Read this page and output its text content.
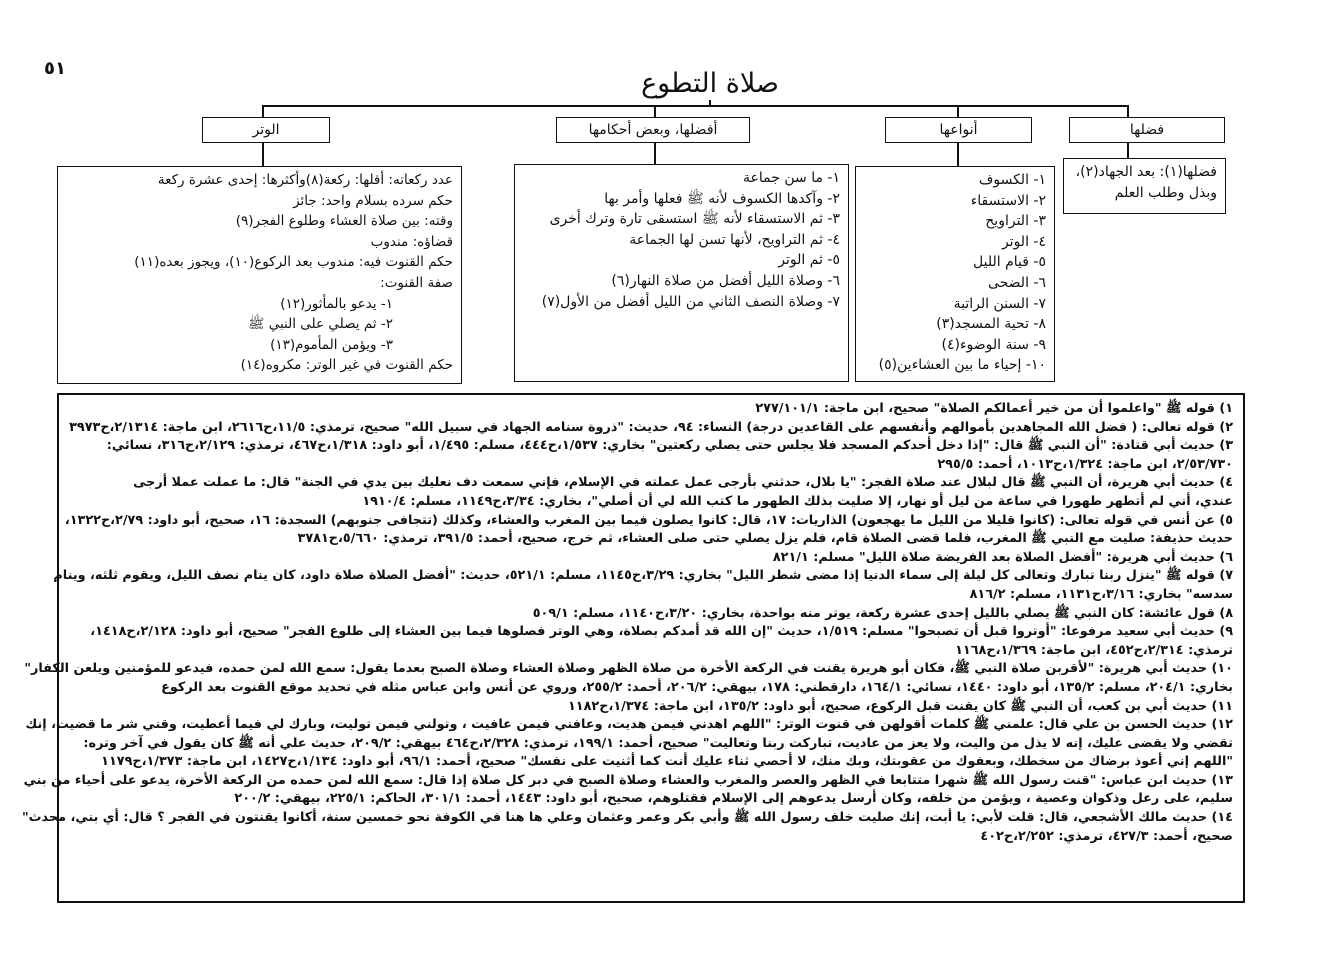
٥١	صلاة التطوع
الوتر	أفضلها، وبعض أحكامها	أنواعها	فضلها
فضلها(١): بعد الجهاد(٢)،
وبذل وطلب العلم
١- الكسوف
٢- الاستسقاء
٣- التراويح
٤- الوتر
٥- قيام الليل
٦- الضحى
٧- السنن الراتبة
٨- تحية المسجد(٣)
٩- سنة الوضوء(٤)
١٠- إحياء ما بين العشاءين(٥)
١- ما سن جماعة
٢- وآكدها الكسوف لأنه ﷺ فعلها وأمر بها
٣- ثم الاستسقاء لأنه ﷺ استسقى تارة وترك أخرى
٤- ثم التراويح، لأنها تسن لها الجماعة
٥- ثم الوتر
٦- وصلاة الليل أفضل من صلاة النهار(٦)
٧- وصلاة النصف الثاني من الليل أفضل من الأول(٧)
عدد ركعاته: أقلها: ركعة(٨)وأكثرها: إحدى عشرة ركعة
حكم سرده بسلام واحد: جائز
وقته: بين صلاة العشاء وطلوع الفجر(٩)
قضاؤه: مندوب
حكم القنوت فيه: مندوب بعد الركوع(١٠)، ويجوز بعده(١١)
صفة القنوت:
١- يدعو بالمأثور(١٢)
٢- ثم يصلي على النبي ﷺ
٣- ويؤمن المأموم(١٣)
حكم القنوت في غير الوتر: مكروه(١٤)
١) قوله ﷺ "واعلموا أن من خير أعمالكم الصلاة" صحيح، ابن ماجة: ٢٧٧/١٠١/١
٢) قوله تعالى: ( فضل الله المجاهدين بأموالهم وأنفسهم على القاعدين درجة) النساء: ٩٤، حديث: "ذروة سنامه الجهاد في سبيل الله" صحيح، ترمذي: ١١/٥،ح٢٦١٦، ابن ماجة: ٢/١٣١٤،ح٣٩٧٣
٣) حديث أبي قتادة: "أن النبي ﷺ قال: "إذا دخل أحدكم المسجد فلا يجلس حتى يصلي ركعتين" بخاري: ١/٥٣٧،ح٤٤٤، مسلم: ١/٤٩٥، أبو داود: ١/٣١٨،ح٤٦٧، ترمذي: ٢/١٢٩،ح٣١٦، نسائي:
٢/٥٣/٧٣٠، ابن ماجة: ١/٣٢٤،ح١٠١٣، أحمد: ٢٩٥/٥
٤) حديث أبي هريرة، أن النبي ﷺ قال لبلال عند صلاة الفجر: "يا بلال، حدثني بأرجى عمل عملته في الإسلام، فإني سمعت دف نعليك بين يدي في الجنة" قال: ما عملت عملا أرجى
عندي، أني لم أتطهر طهورا في ساعة من ليل أو نهار، إلا صليت بذلك الطهور ما كتب الله لي أن أصلي"، بخاري: ٣/٣٤،ح١١٤٩، مسلم: ١٩١٠/٤
٥) عن أنس في قوله تعالى: (كانوا قليلا من الليل ما يهجعون) الذاريات: ١٧، قال: كانوا يصلون فيما بين المغرب والعشاء، وكذلك (تتجافى جنوبهم) السجدة: ١٦، صحيح، أبو داود: ٢/٧٩،ح١٣٢٢،
حديث حذيفة: صليت مع النبي ﷺ المغرب، فلما قضى الصلاة قام، فلم يزل يصلي حتى صلى العشاء، ثم خرج، صحيح، أحمد: ٣٩١/٥، ترمذي: ٥/٦٦٠،ح٣٧٨١
٦) حديث أبي هريرة: "أفضل الصلاة بعد الفريضة صلاة الليل" مسلم: ٨٢١/١
٧) قوله ﷺ "ينزل ربنا تبارك وتعالى كل ليلة إلى سماء الدنيا إذا مضى شطر الليل" بخاري: ٣/٢٩،ح١١٤٥، مسلم: ٥٢١/١، حديث: "أفضل الصلاة صلاة داود، كان ينام نصف الليل، ويقوم ثلثه، وينام
سدسه" بخاري: ٣/١٦،ح١١٣١، مسلم: ٨١٦/٢
٨) قول عائشة: كان النبي ﷺ يصلي بالليل إحدى عشرة ركعة، يوتر منه بواحدة، بخاري: ٣/٢٠،ح١١٤٠، مسلم: ٥٠٩/١
٩) حديث أبي سعيد مرفوعا: "أوتروا قبل أن تصبحوا" مسلم: ١/٥١٩، حديث "إن الله قد أمدكم بصلاة، وهي الوتر فصلوها فيما بين العشاء إلى طلوع الفجر" صحيح، أبو داود: ٢/١٢٨،ح١٤١٨،
ترمذي: ٢/٣١٤،ح٤٥٢، ابن ماجة: ١/٣٦٩،ح١١٦٨
١٠) حديث أبي هريرة: "لأقربن صلاة النبي ﷺ، فكان أبو هريرة يقنت في الركعة الأخرة من صلاة الظهر وصلاة العشاء وصلاة الصبح بعدما يقول: سمع الله لمن حمده، فيدعو للمؤمنين ويلعن الكفار"
بخاري: ٢٠٤/١، مسلم: ١٣٥/٢، أبو داود: ١٤٤٠، نسائي: ١٦٤/١، دارقطني: ١٧٨، بيهقي: ٢٠٦/٢، أحمد: ٢٥٥/٢، وروي عن أنس وابن عباس مثله في تحديد موقع القنوت بعد الركوع
١١) حديث أبي بن كعب، أن النبي ﷺ كان يقنت قبل الركوع، صحيح، أبو داود: ١٣٥/٢، ابن ماجة: ١/٣٧٤،ح١١٨٢
١٢) حديث الحسن بن علي قال: علمني ﷺ كلمات أقولهن في قنوت الوتر: "اللهم اهدني فيمن هديت، وعافني فيمن عافيت ، وتولني فيمن توليت، وبارك لي فيما أعطيت، وقني شر ما قضيت، إنك
تقضي ولا يقضى عليك، إنه لا يذل من واليت، ولا يعز من عاديت، تباركت ربنا وتعاليت" صحيح، أحمد: ١٩٩/١، ترمذي: ٢/٣٢٨،ح٤٦٤ بيهقي: ٢٠٩/٢، حديث علي أنه ﷺ كان يقول في آخر وتره:
"اللهم إني أعوذ برضاك من سخطك، وبعفوك من عقوبتك، وبك منك، لا أحصي ثناء عليك أنت كما أثنيت على نفسك" صحيح، أحمد: ٩٦/١، أبو داود: ١/١٣٤،ح١٤٢٧، ابن ماجة: ١/٣٧٣،ح١١٧٩
١٣) حديث ابن عباس: "قنت رسول الله ﷺ شهرا متتابعا في الظهر والعصر والمغرب والعشاء وصلاة الصبح في دبر كل صلاة إذا قال: سمع الله لمن حمده من الركعة الأخرة، يدعو على أحياء من بني
سليم، على رعل وذكوان وعصية ، ويؤمن من خلفه، وكان أرسل يدعوهم إلى الإسلام فقتلوهم، صحيح، أبو داود: ١٤٤٣، أحمد: ٣٠١/١، الحاكم: ٢٢٥/١، بيهقي: ٢٠٠/٢
١٤) حديث مالك الأشجعي، قال: قلت لأبي: يا أبت، إنك صليت خلف رسول الله ﷺ وأبي بكر وعمر وعثمان وعلي ها هنا في الكوفة نحو خمسين سنة، أكانوا يقنتون في الفجر ؟ قال: أي بني، محدث"
صحيح، أحمد: ٤٢٧/٣، ترمذي: ٢/٢٥٢،ح٤٠٢
